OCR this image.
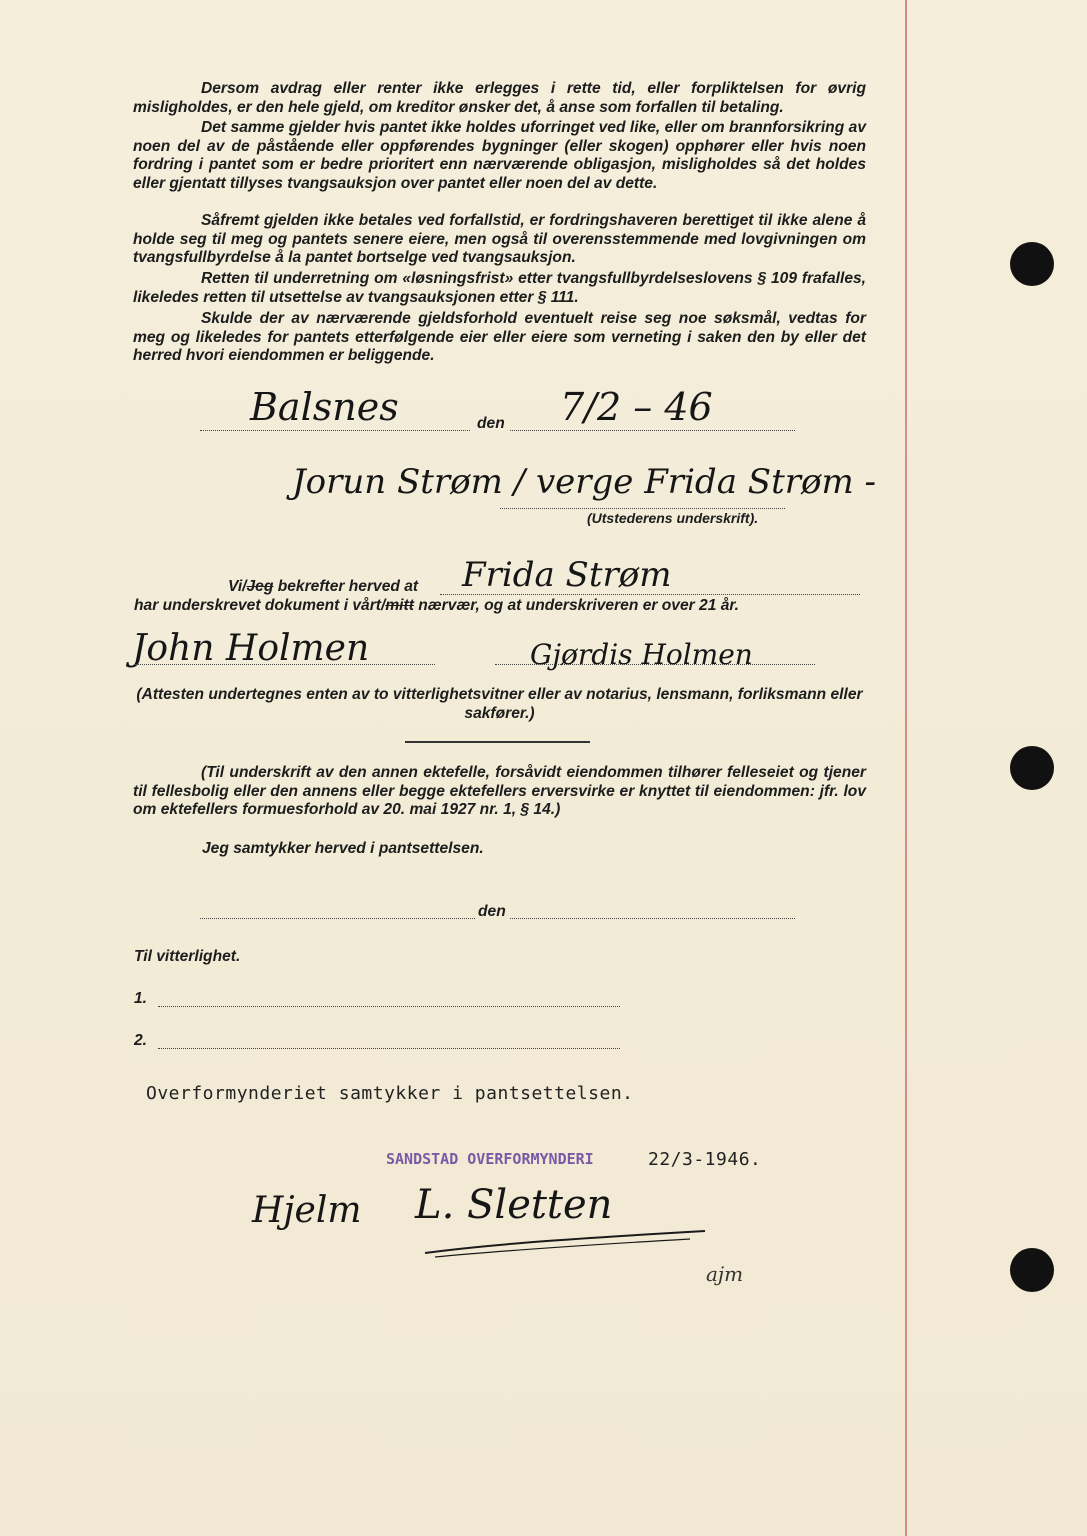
Dersom avdrag eller renter ikke erlegges i rette tid, eller forpliktelsen for øvrig misligholdes, er den hele gjeld, om kreditor ønsker det, å anse som forfallen til betaling.

Det samme gjelder hvis pantet ikke holdes uforringet ved like, eller om brannforsikring av noen del av de påstående eller oppførendes bygninger (eller skogen) opphører eller hvis noen fordring i pantet som er bedre prioritert enn nærværende obligasjon, misligholdes så det holdes eller gjentatt tillyses tvangsauksjon over pantet eller noen del av dette.

Såfremt gjelden ikke betales ved forfallstid, er fordringshaveren berettiget til ikke alene å holde seg til meg og pantets senere eiere, men også til overensstemmende med lovgivningen om tvangsfullbyrdelse å la pantet bortselge ved tvangsauksjon.

Retten til underretning om «løsningsfrist» etter tvangsfullbyrdelseslovens § 109 frafalles, likeledes retten til utsettelse av tvangsauksjonen etter § 111.

Skulde der av nærværende gjeldsforhold eventuelt reise seg noe søksmål, vedtas for meg og likeledes for pantets etterfølgende eier eller eiere som verneting i saken den by eller det herred hvori eiendommen er beliggende.

Balsnes	den 7/2 – 46
Jorun Strøm / verge Frida Strøm -
(Utstederens underskrift).
Vi/Jeg bekrefter herved at Frida Strøm
har underskrevet dokument i vårt/mitt nærvær, og at underskriveren er over 21 år.
John Holmen	Gjørdis Holmen

(Attesten undertegnes enten av to vitterlighetsvitner eller av notarius, lensmann, forliksmann eller sakfører.)

(Til underskrift av den annen ektefelle, forsåvidt eiendommen tilhører felleseiet og tjener til fellesbolig eller den annens eller begge ektefellers erversvirke er knyttet til eiendommen: jfr. lov om ektefellers formuesforhold av 20. mai 1927 nr. 1, § 14.)

Jeg samtykker herved i pantsettelsen.
den
Til vitterlighet.
1.
2.
Overformynderiet samtykker i pantsettelsen.
SANDSTAD OVERFORMYNDERI	22/3-1946.
Hjelm L. Sletten
ajm
